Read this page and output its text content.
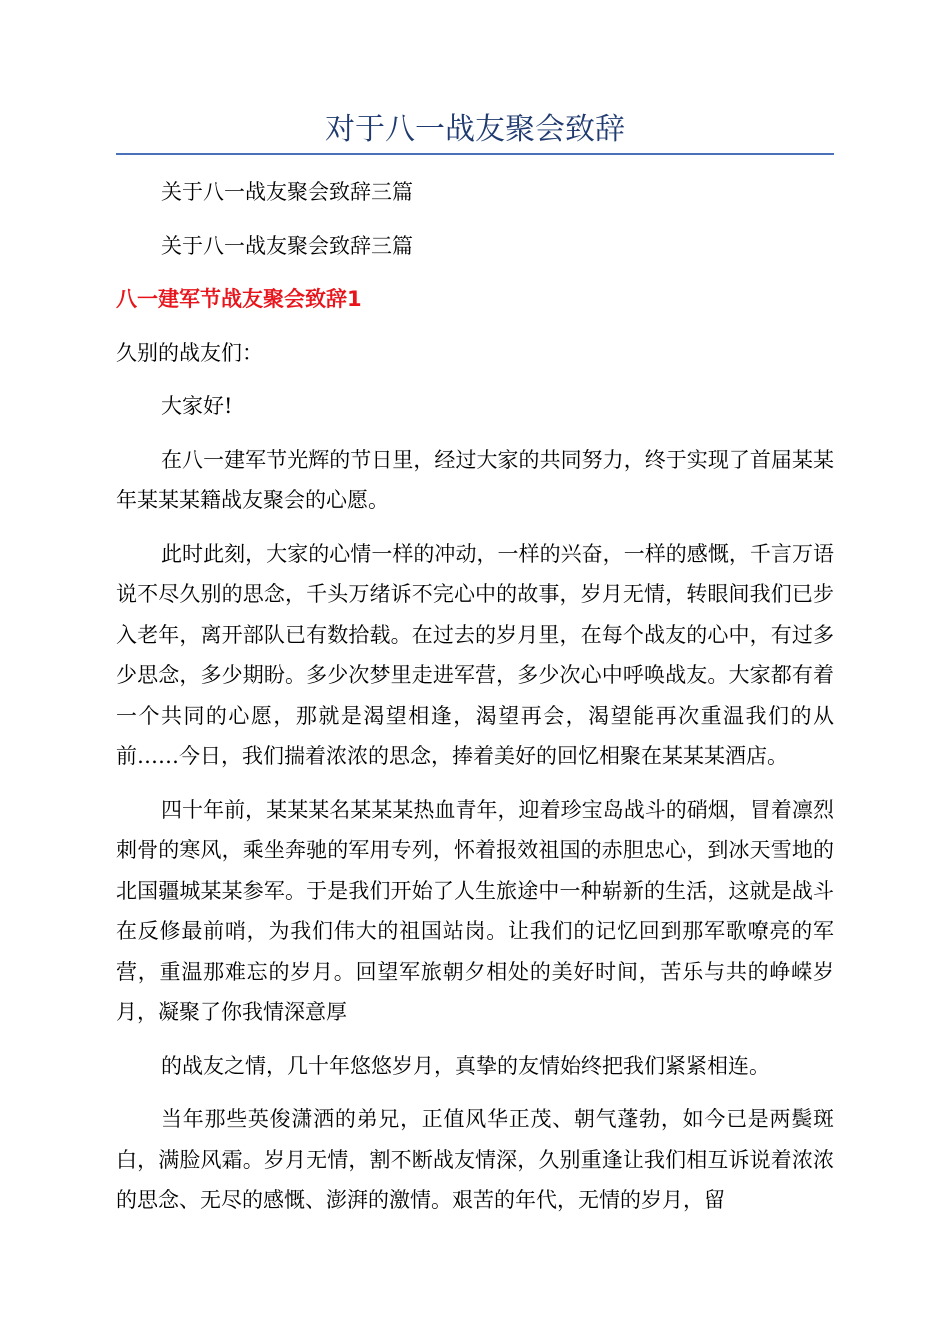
对于八一战友聚会致辞

关于八一战友聚会致辞三篇

关于八一战友聚会致辞三篇

八一建军节战友聚会致辞1

久别的战友们：

大家好!

在八一建军节光辉的节日里，经过大家的共同努力，终于实现了首届某某年某某某籍战友聚会的心愿。

此时此刻，大家的心情一样的冲动，一样的兴奋，一样的感慨，千言万语说不尽久别的思念，千头万绪诉不完心中的故事，岁月无情，转眼间我们已步入老年，离开部队已有数拾载。在过去的岁月里，在每个战友的心中，有过多少思念，多少期盼。多少次梦里走进军营，多少次心中呼唤战友。大家都有着一个共同的心愿，那就是渴望相逢，渴望再会，渴望能再次重温我们的从前……今日，我们揣着浓浓的思念，捧着美好的回忆相聚在某某某酒店。

四十年前，某某某名某某某热血青年，迎着珍宝岛战斗的硝烟，冒着凛烈刺骨的寒风，乘坐奔驰的军用专列，怀着报效祖国的赤胆忠心，到冰天雪地的北国疆城某某参军。于是我们开始了人生旅途中一种崭新的生活，这就是战斗在反修最前哨，为我们伟大的祖国站岗。让我们的记忆回到那军歌嘹亮的军营，重温那难忘的岁月。回望军旅朝夕相处的美好时间，苦乐与共的峥嵘岁月，凝聚了你我情深意厚

的战友之情，几十年悠悠岁月，真挚的友情始终把我们紧紧相连。

当年那些英俊潇洒的弟兄，正值风华正茂、朝气蓬勃，如今已是两鬓斑白，满脸风霜。岁月无情，割不断战友情深，久别重逢让我们相互诉说着浓浓的思念、无尽的感慨、澎湃的激情。艰苦的年代，无情的岁月，留
